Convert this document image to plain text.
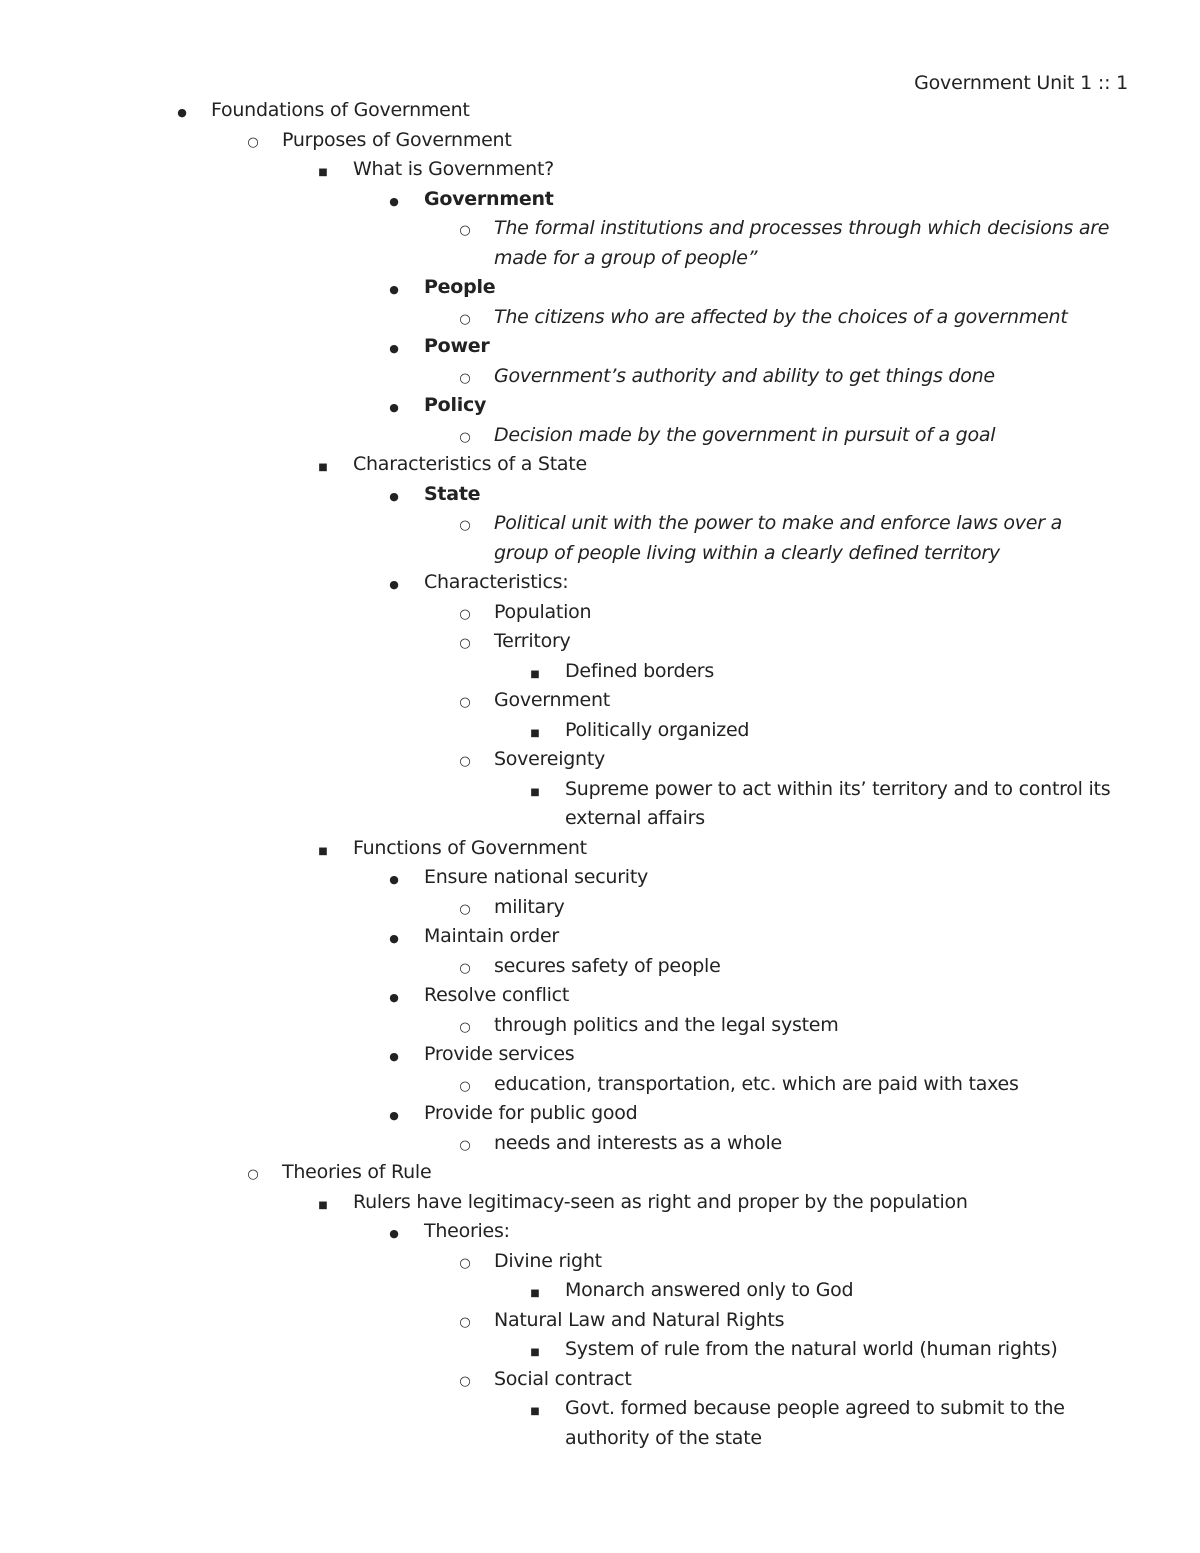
Government Unit 1 :: 1
●
Foundations of Government
○
Purposes of Government
■
What is Government?
●
Government
○
The formal institutions and processes through which decisions are made for a group of people”
●
People
○
The citizens who are affected by the choices of a government
●
Power
○
Government’s authority and ability to get things done
●
Policy
○
Decision made by the government in pursuit of a goal
■
Characteristics of a State
●
State
○
Political unit with the power to make and enforce laws over a group of people living within a clearly defined territory
●
Characteristics:
○
Population
○
Territory
■
Defined borders
○
Government
■
Politically organized
○
Sovereignty
■
Supreme power to act within its’ territory and to control its external affairs
■
Functions of Government
●
Ensure national security
○
military
●
Maintain order
○
secures safety of people
●
Resolve conflict
○
through politics and the legal system
●
Provide services
○
education, transportation, etc. which are paid with taxes
●
Provide for public good
○
needs and interests as a whole
○
Theories of Rule
■
Rulers have legitimacy-seen as right and proper by the population
●
Theories:
○
Divine right
■
Monarch answered only to God
○
Natural Law and Natural Rights
■
System of rule from the natural world (human rights)
○
Social contract
■
Govt. formed because people agreed to submit to the authority of the state
